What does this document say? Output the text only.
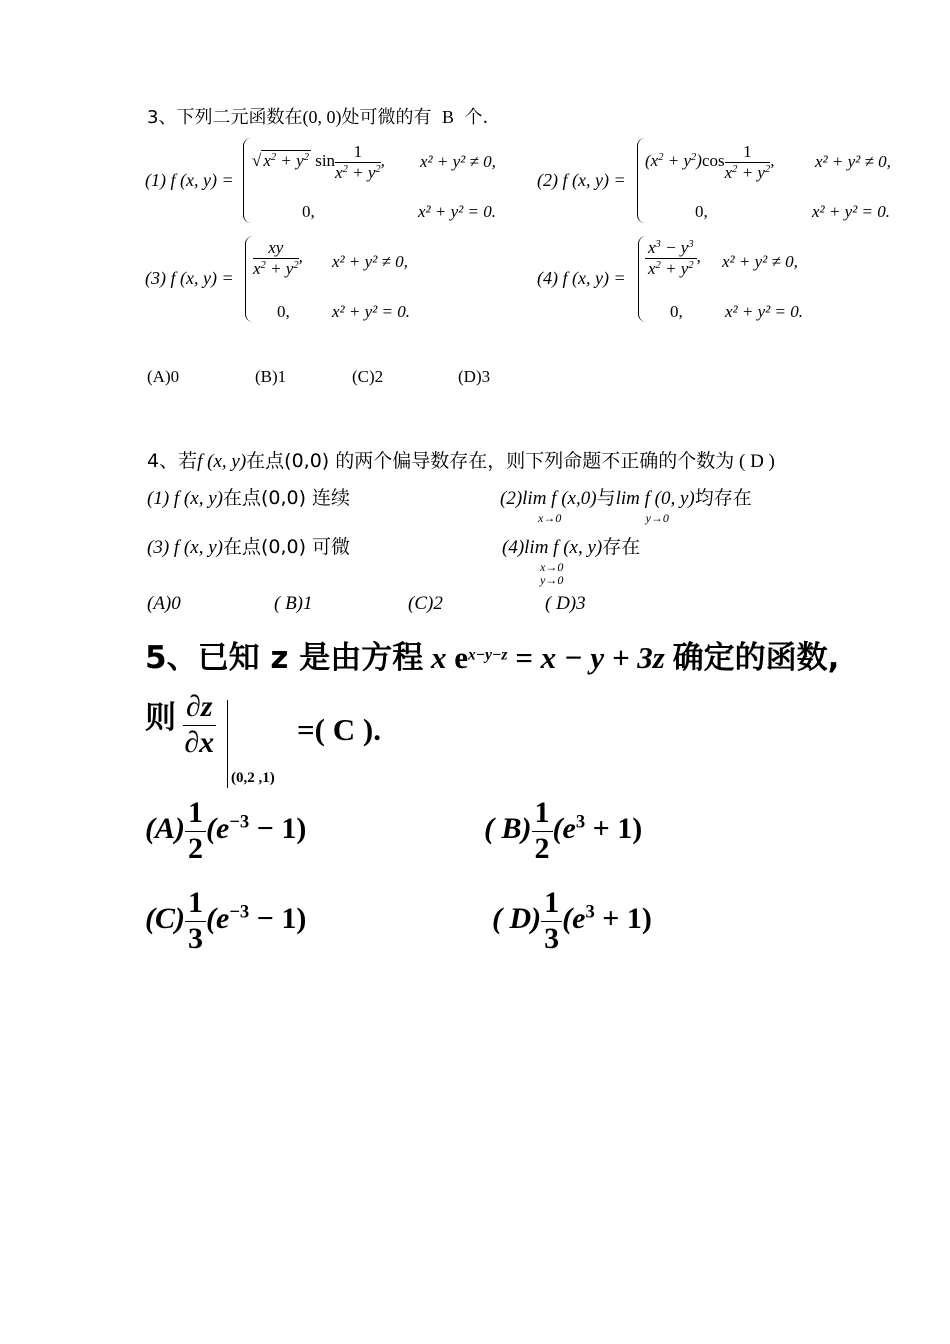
3、下列二元函数在(0, 0)处可微的有 B 个.
(1) f (x, y) =
√ $x^2 + y^2$ $\sin \frac{1}{x^2 + y^2}$ , x² + y² ≠ 0,
0,	x² + y² = 0.
(2) f (x, y) =
$(x^2 + y^2)\cos \frac{1}{x^2 + y^2}$ , x² + y² ≠ 0,
0,	x² + y² = 0.
(3) f (x, $y) = \frac{xy}{x^2 + y^2}$ , x² + y² ≠ 0,
0, x² + y² = 0.
(4) f (x, $y) = \frac{x^3 - y^3}{x^2 + y^2}$ , x² + y² ≠ 0,
0, x² + y² = 0.
(A)0	(B)1	(C)2	(D)3
4、若f (x, y)在点(0,0) 的两个偏导数存在，则下列命题不正确的个数为 ( D )
(1) f (x, y)在点(0,0) 连续	(2)lim f (x,0)
x→0
与lim f (0, y)
y→0
均存在
(3) f (x, y)在点(0,0) 可微	(4)lim f (x, y)
x→0
y→0
存在
(A)0	( B)1	(C)2	( D)3
5、已知 z 是由方程 x $e^{x-y-z} = x - y + 3z$ 确定的函数,
则 $\frac{\partial z}{\partial x}$
(0,2 ,1)
=( C ).
$(A) \frac{1}{2} (e^{-3} - 1)$	( $B) \frac{1}{2} (e^3 + 1)$
$(C) \frac{1}{3} (e^{-3} - 1)$	( $D) \frac{1}{3} (e^3 + 1)$
